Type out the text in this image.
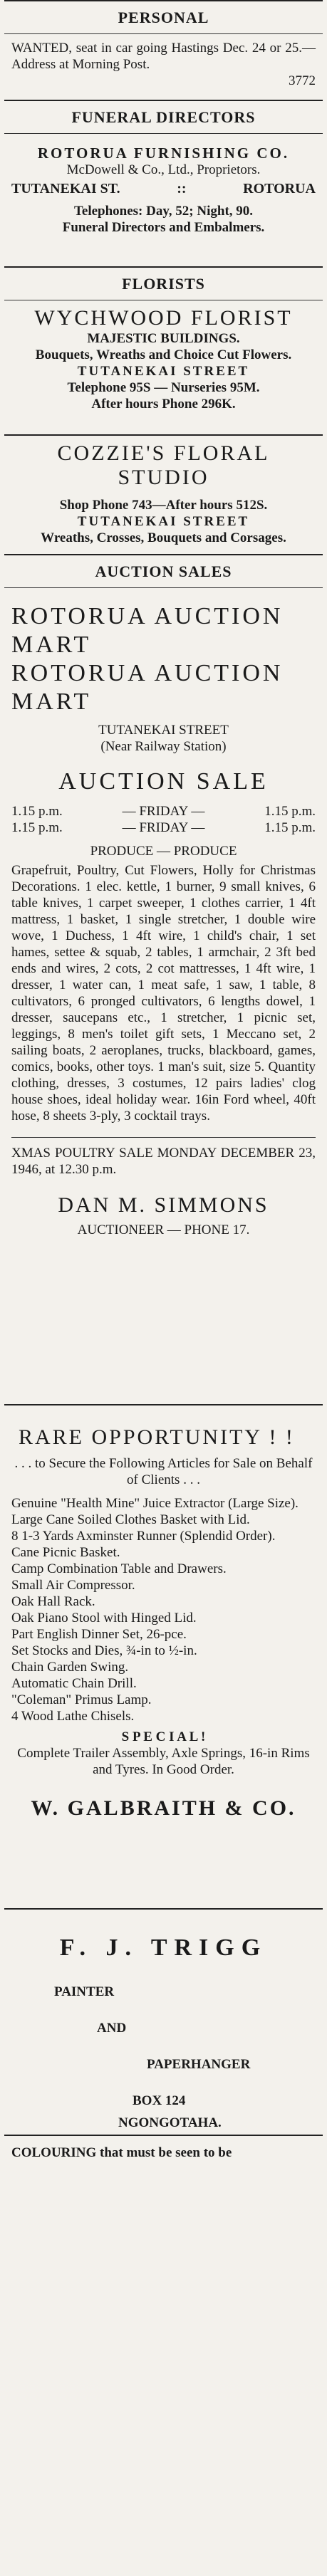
PERSONAL
WANTED, seat in car going Hastings Dec. 24 or 25.—Address at Morning Post.
3772
FUNERAL DIRECTORS
ROTORUA FURNISHING CO.
McDowell & Co., Ltd., Proprietors.
TUTANEKAI ST.	::	ROTORUA
Telephones: Day, 52; Night, 90.
Funeral Directors and Embalmers.
FLORISTS
WYCHWOOD FLORIST
MAJESTIC BUILDINGS.
Bouquets, Wreaths and Choice Cut Flowers.
TUTANEKAI STREET
Telephone 95S — Nurseries 95M.
After hours Phone 296K.
COZZIE'S FLORAL STUDIO
Shop Phone 743—After hours 512S.
TUTANEKAI STREET
Wreaths, Crosses, Bouquets and Corsages.
AUCTION SALES
ROTORUA AUCTION MART
ROTORUA AUCTION MART
TUTANEKAI STREET
(Near Railway Station)
AUCTION SALE
1.15 p.m.	— FRIDAY —	1.15 p.m.
1.15 p.m.	— FRIDAY —	1.15 p.m.
PRODUCE — PRODUCE
Grapefruit, Poultry, Cut Flowers, Holly for Christmas Decorations. 1 elec. kettle, 1 burner, 9 small knives, 6 table knives, 1 carpet sweeper, 1 clothes carrier, 1 4ft mattress, 1 basket, 1 single stretcher, 1 double wire wove, 1 Duchess, 1 4ft wire, 1 child's chair, 1 set hames, settee & squab, 2 tables, 1 armchair, 2 3ft bed ends and wires, 2 cots, 2 cot mattresses, 1 4ft wire, 1 dresser, 1 water can, 1 meat safe, 1 saw, 1 table, 8 cultivators, 6 pronged cultivators, 6 lengths dowel, 1 dresser, saucepans etc., 1 stretcher, 1 picnic set, leggings, 8 men's toilet gift sets, 1 Meccano set, 2 sailing boats, 2 aeroplanes, trucks, blackboard, games, comics, books, other toys. 1 man's suit, size 5. Quantity clothing, dresses, 3 costumes, 12 pairs ladies' clog house shoes, ideal holiday wear. 16in Ford wheel, 40ft hose, 8 sheets 3-ply, 3 cocktail trays.
XMAS POULTRY SALE MONDAY DECEMBER 23, 1946, at 12.30 p.m.
DAN M. SIMMONS
AUCTIONEER — PHONE 17.
RARE OPPORTUNITY ! !
. . . to Secure the Following Articles for Sale on Behalf of Clients . . .
Genuine "Health Mine" Juice Extractor (Large Size).
Large Cane Soiled Clothes Basket with Lid.
8 1-3 Yards Axminster Runner (Splendid Order).
Cane Picnic Basket.
Camp Combination Table and Drawers.
Small Air Compressor.
Oak Hall Rack.
Oak Piano Stool with Hinged Lid.
Part English Dinner Set, 26-pce.
Set Stocks and Dies, ¾-in to ½-in.
Chain Garden Swing.
Automatic Chain Drill.
"Coleman" Primus Lamp.
4 Wood Lathe Chisels.
S P E C I A L !
Complete Trailer Assembly, Axle Springs, 16-in Rims and Tyres. In Good Order.
W. GALBRAITH & CO.
F. J. TRIGG
PAINTER
AND
PAPERHANGER
BOX 124
NGONGOTAHA.
COLOURING that must be seen to be
